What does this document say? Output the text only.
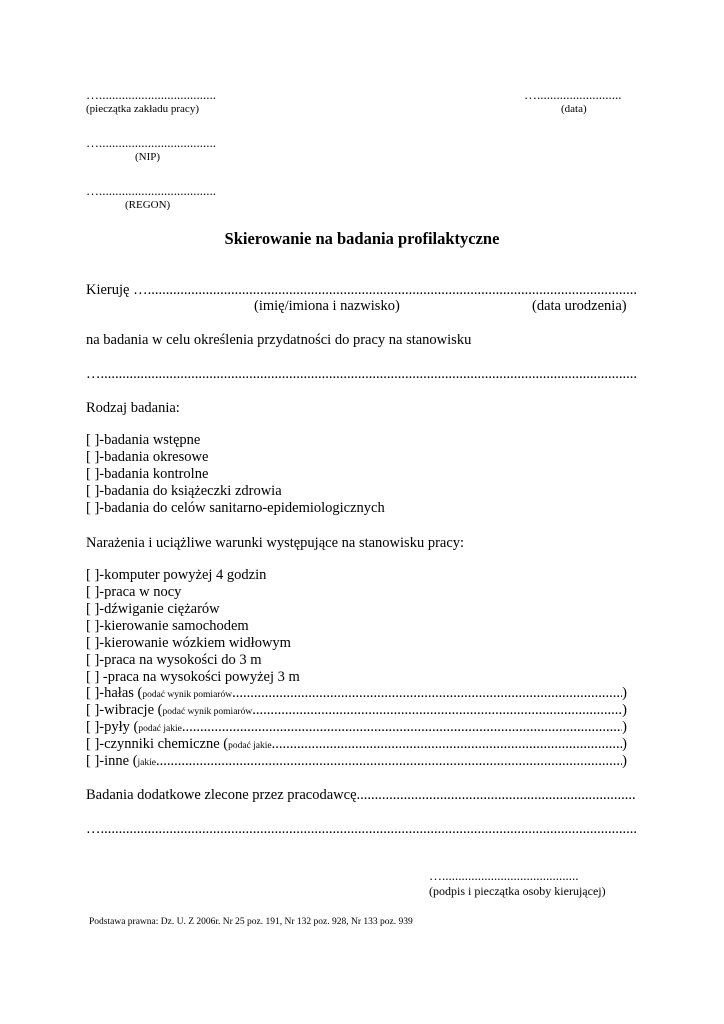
…....................................
(pieczątka zakładu pracy)
…..........................
(data)
…....................................
(NIP)
…....................................
(REGON)
Skierowanie na badania profilaktyczne
Kieruję …
.....
(imię/imiona i nazwisko)	(data urodzenia)
na badania w celu określenia przydatności do pracy na stanowisku
…
.....
Rodzaj badania:
[ ]-badania wstępne
[ ]-badania okresowe
[ ]-badania kontrolne
[ ]-badania do książeczki zdrowia
[ ]-badania do celów sanitarno-epidemiologicznych
Narażenia i uciążliwe warunki występujące na stanowisku pracy:
[ ]-komputer powyżej 4 godzin
[ ]-praca w nocy
[ ]-dźwiganie ciężarów
[ ]-kierowanie samochodem
[ ]-kierowanie wózkiem widłowym
[ ]-praca na wysokości do 3 m
[ ] -praca na wysokości powyżej 3 m
[ ]-hałas ( podać wynik pomiarów .....	)
[ ]-wibracje ( podać wynik pomiarów .....	)
[ ]-pyły ( podać jakie .....	)
[ ]-czynniki chemiczne ( podać jakie .....	)
[ ]-inne ( jakie .....	)
Badania dodatkowe zlecone przez pracodawcę
.....
…
.....
…..........................................
(podpis i pieczątka osoby kierującej)
Podstawa prawna: Dz. U. Z 2006r. Nr 25 poz. 191, Nr 132 poz. 928, Nr 133 poz. 939
